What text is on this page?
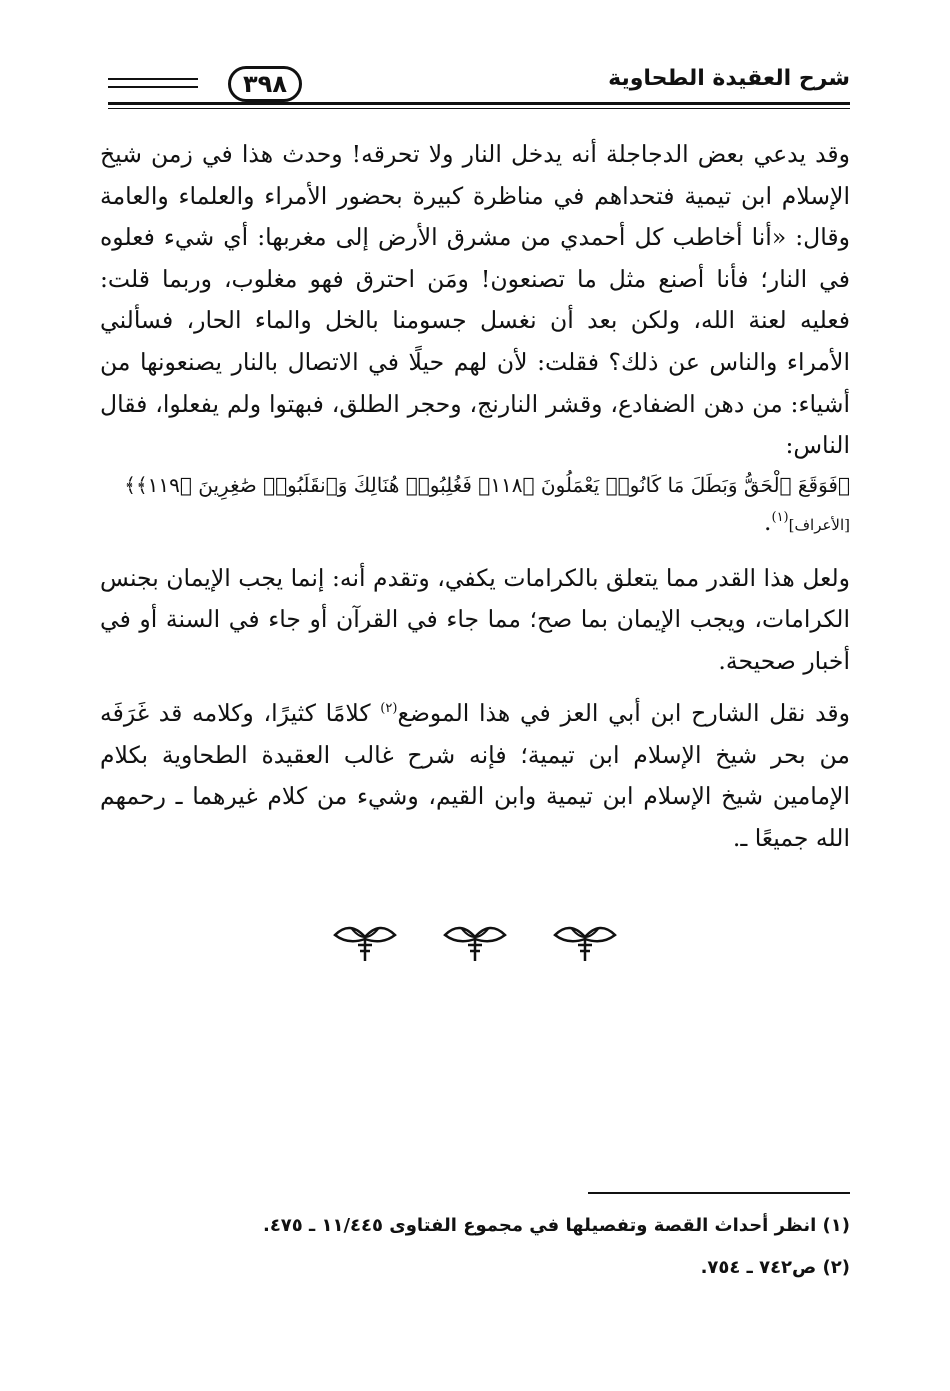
شرح العقيدة الطحاوية
٣٩٨

وقد يدعي بعض الدجاجلة أنه يدخل النار ولا تحرقه! وحدث هذا في زمن شيخ الإسلام ابن تيمية فتحداهم في مناظرة كبيرة بحضور الأمراء والعلماء والعامة وقال: «أنا أخاطب كل أحمدي من مشرق الأرض إلى مغربها: أي شيء فعلوه في النار؛ فأنا أصنع مثل ما تصنعون! ومَن احترق فهو مغلوب، وربما قلت: فعليه لعنة الله، ولكن بعد أن نغسل جسومنا بالخل والماء الحار، فسألني الأمراء والناس عن ذلك؟ فقلت: لأن لهم حيلًا في الاتصال بالنار يصنعونها من أشياء: من دهن الضفادع، وقشر النارنج، وحجر الطلق، فبهتوا ولم يفعلوا، فقال الناس:

﴿فَوَقَعَ ٱلْحَقُّ وَبَطَلَ مَا كَانُوا۟ يَعْمَلُونَ ﴿١١٨﴾ فَغُلِبُوا۟ هُنَالِكَ وَٱنقَلَبُوا۟ صَٰغِرِينَ ﴿١١٩﴾﴾

[الأعراف]$^{(١)}$.

ولعل هذا القدر مما يتعلق بالكرامات يكفي، وتقدم أنه: إنما يجب الإيمان بجنس الكرامات، ويجب الإيمان بما صح؛ مما جاء في القرآن أو جاء في السنة أو في أخبار صحيحة.

وقد نقل الشارح ابن أبي العز في هذا الموضع$^{(٢)}$ كلامًا كثيرًا، وكلامه قد غَرَفَه من بحر شيخ الإسلام ابن تيمية؛ فإنه شرح غالب العقيدة الطحاوية بكلام الإمامين شيخ الإسلام ابن تيمية وابن القيم، وشيء من كلام غيرهما ـ رحمهم الله جميعًا ـ.

(١) انظر أحداث القصة وتفصيلها في مجموع الفتاوى ١١/٤٤٥ ـ ٤٧٥.
(٢) ص٧٤٢ ـ ٧٥٤.
